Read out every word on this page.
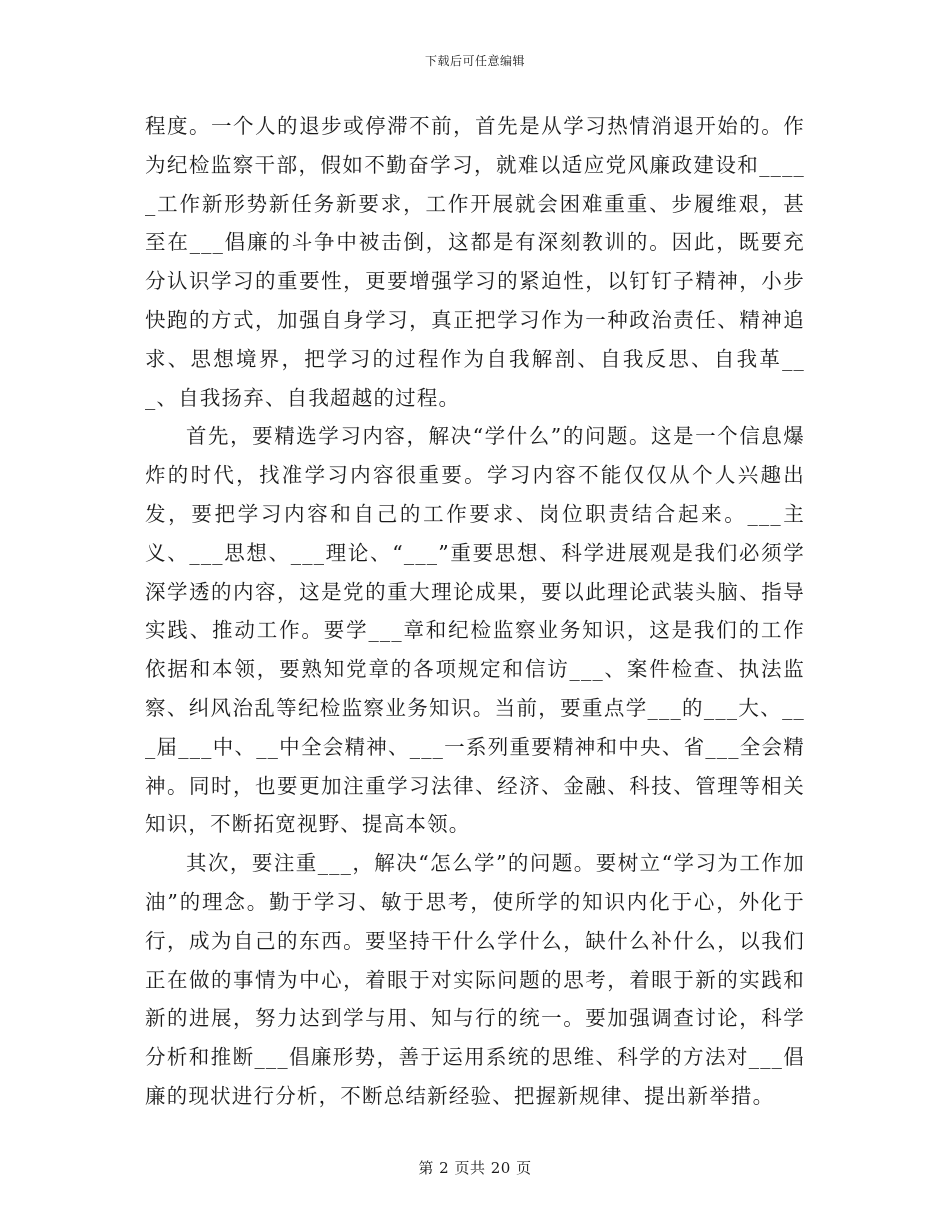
下载后可任意编辑

程度。一个人的退步或停滞不前，首先是从学习热情消退开始的。作为纪检监察干部，假如不勤奋学习，就难以适应党风廉政建设和_____工作新形势新任务新要求，工作开展就会困难重重、步履维艰，甚至在___倡廉的斗争中被击倒，这都是有深刻教训的。因此，既要充分认识学习的重要性，更要增强学习的紧迫性，以钉钉子精神，小步快跑的方式，加强自身学习，真正把学习作为一种政治责任、精神追求、思想境界，把学习的过程作为自我解剖、自我反思、自我革___、自我扬弃、自我超越的过程。

首先，要精选学习内容，解决“学什么”的问题。这是一个信息爆炸的时代，找准学习内容很重要。学习内容不能仅仅从个人兴趣出发，要把学习内容和自己的工作要求、岗位职责结合起来。___主义、___思想、___理论、“___”重要思想、科学进展观是我们必须学深学透的内容，这是党的重大理论成果，要以此理论武装头脑、指导实践、推动工作。要学___章和纪检监察业务知识，这是我们的工作依据和本领，要熟知党章的各项规定和信访___、案件检查、执法监察、纠风治乱等纪检监察业务知识。当前，要重点学___的___大、___届___中、__中全会精神、___一系列重要精神和中央、省___全会精神。同时，也要更加注重学习法律、经济、金融、科技、管理等相关知识，不断拓宽视野、提高本领。

其次，要注重___，解决“怎么学”的问题。要树立“学习为工作加油”的理念。勤于学习、敏于思考，使所学的知识内化于心，外化于行，成为自己的东西。要坚持干什么学什么，缺什么补什么，以我们正在做的事情为中心，着眼于对实际问题的思考，着眼于新的实践和新的进展，努力达到学与用、知与行的统一。要加强调查讨论，科学分析和推断___倡廉形势，善于运用系统的思维、科学的方法对___倡廉的现状进行分析，不断总结新经验、把握新规律、提出新举措。

第 2 页共 20 页
